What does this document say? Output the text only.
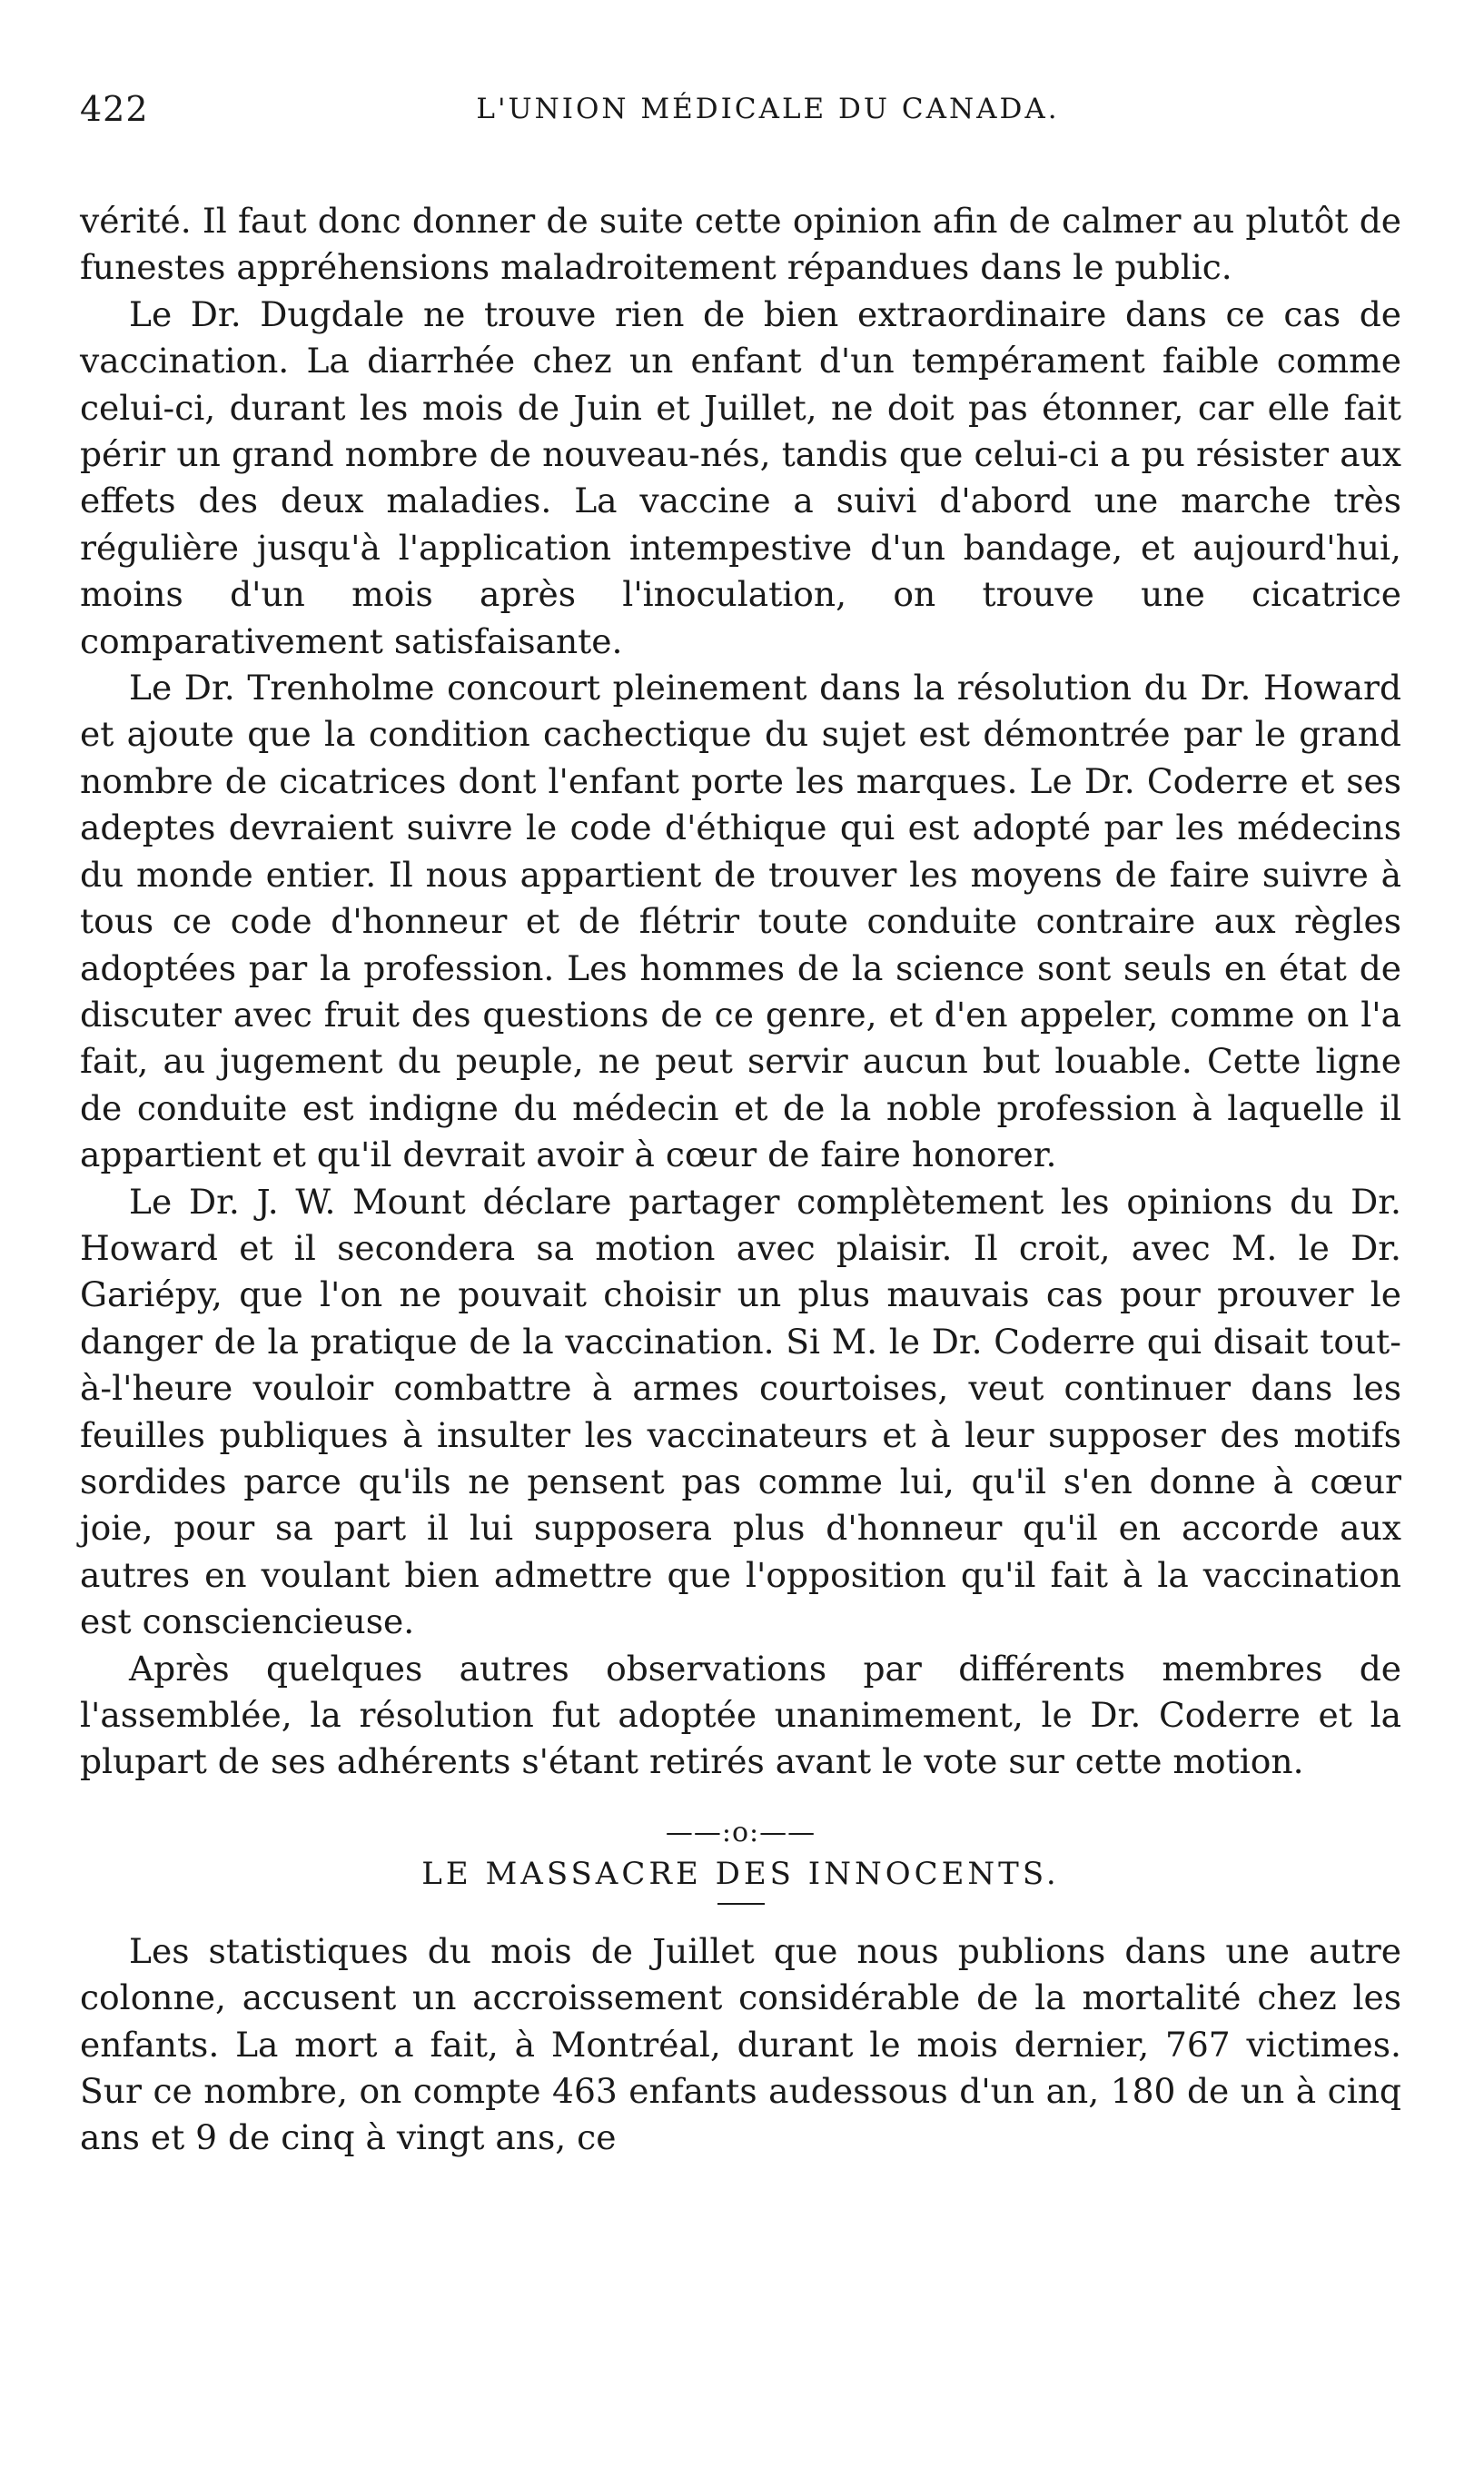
422	L'UNION MÉDICALE DU CANADA.

vérité. Il faut donc donner de suite cette opinion afin de calmer au plutôt de funestes appréhensions maladroitement répandues dans le public.

Le Dr. Dugdale ne trouve rien de bien extraordinaire dans ce cas de vaccination. La diarrhée chez un enfant d'un tempérament faible comme celui-ci, durant les mois de Juin et Juillet, ne doit pas étonner, car elle fait périr un grand nombre de nouveau-nés, tandis que celui-ci a pu résister aux effets des deux maladies. La vaccine a suivi d'abord une marche très régulière jusqu'à l'application intempestive d'un bandage, et aujourd'hui, moins d'un mois après l'inoculation, on trouve une cicatrice comparativement satisfaisante.

Le Dr. Trenholme concourt pleinement dans la résolution du Dr. Howard et ajoute que la condition cachectique du sujet est démontrée par le grand nombre de cicatrices dont l'enfant porte les marques. Le Dr. Coderre et ses adeptes devraient suivre le code d'éthique qui est adopté par les médecins du monde entier. Il nous appartient de trouver les moyens de faire suivre à tous ce code d'honneur et de flétrir toute conduite contraire aux règles adoptées par la profession. Les hommes de la science sont seuls en état de discuter avec fruit des questions de ce genre, et d'en appeler, comme on l'a fait, au jugement du peuple, ne peut servir aucun but louable. Cette ligne de conduite est indigne du médecin et de la noble profession à laquelle il appartient et qu'il devrait avoir à cœur de faire honorer.

Le Dr. J. W. Mount déclare partager complètement les opinions du Dr. Howard et il secondera sa motion avec plaisir. Il croit, avec M. le Dr. Gariépy, que l'on ne pouvait choisir un plus mauvais cas pour prouver le danger de la pratique de la vaccination. Si M. le Dr. Coderre qui disait tout-à-l'heure vouloir combattre à armes courtoises, veut continuer dans les feuilles publiques à insulter les vaccinateurs et à leur supposer des motifs sordides parce qu'ils ne pensent pas comme lui, qu'il s'en donne à cœur joie, pour sa part il lui supposera plus d'honneur qu'il en accorde aux autres en voulant bien admettre que l'opposition qu'il fait à la vaccination est consciencieuse.

Après quelques autres observations par différents membres de l'assemblée, la résolution fut adoptée unanimement, le Dr. Coderre et la plupart de ses adhérents s'étant retirés avant le vote sur cette motion.

——:o:——
LE MASSACRE DES INNOCENTS.

Les statistiques du mois de Juillet que nous publions dans une autre colonne, accusent un accroissement considérable de la mortalité chez les enfants. La mort a fait, à Montréal, durant le mois dernier, 767 victimes. Sur ce nombre, on compte 463 enfants audessous d'un an, 180 de un à cinq ans et 9 de cinq à vingt ans, ce
